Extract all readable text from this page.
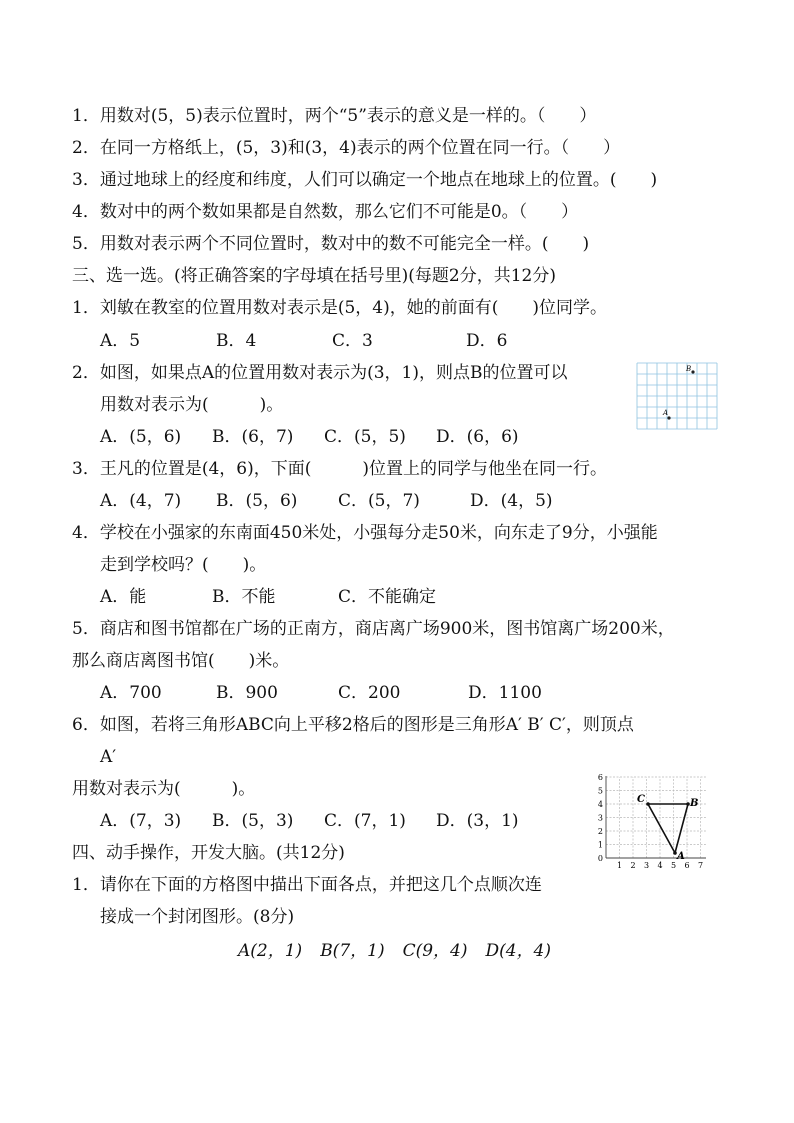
1．用数对(5，5)表示位置时，两个“5”表示的意义是一样的。（　　）
2．在同一方格纸上，(5，3)和(3，4)表示的两个位置在同一行。（　　）
3．通过地球上的经度和纬度，人们可以确定一个地点在地球上的位置。(　　)
4．数对中的两个数如果都是自然数，那么它们不可能是0。（　　）
5．用数对表示两个不同位置时，数对中的数不可能完全一样。(　　)
三、选一选。(将正确答案的字母填在括号里)(每题2分，共12分)
1．刘敏在教室的位置用数对表示是(5，4)，她的前面有(　　)位同学。
A．5	B．4	C．3	D．6
2．如图，如果点A的位置用数对表示为(3，1)，则点B的位置可以
用数对表示为(　　　)。
A．(5，6) B．(6，7) C．(5，5) D．(6，6)
B
A
3．王凡的位置是(4，6)，下面(　　　)位置上的同学与他坐在同一行。
A．(4，7) B．(5，6) C．(5，7)	D．(4，5)
4．学校在小强家的东南面450米处，小强每分走50米，向东走了9分，小强能
走到学校吗？(　　)。
A．能	B．不能	C．不能确定
5．商店和图书馆都在广场的正南方，商店离广场900米，图书馆离广场200米，
那么商店离图书馆(　　)米。
A．700	B．900	C．200	D．1100
6．如图，若将三角形ABC向上平移2格后的图形是三角形A′ B′ C′，则顶点
A′
用数对表示为(　　　)。
A．(7，3) B．(5，3) C．(7，1) D．(3，1)
1 2 3 4 5 6 7
0
1
2
3
4
5
6
C	B
A
四、动手操作，开发大脑。(共12分)
1．请你在下面的方格图中描出下面各点，并把这几个点顺次连
接成一个封闭图形。(8分)
A(2，1) B(7，1) C(9，4) D(4，4)
